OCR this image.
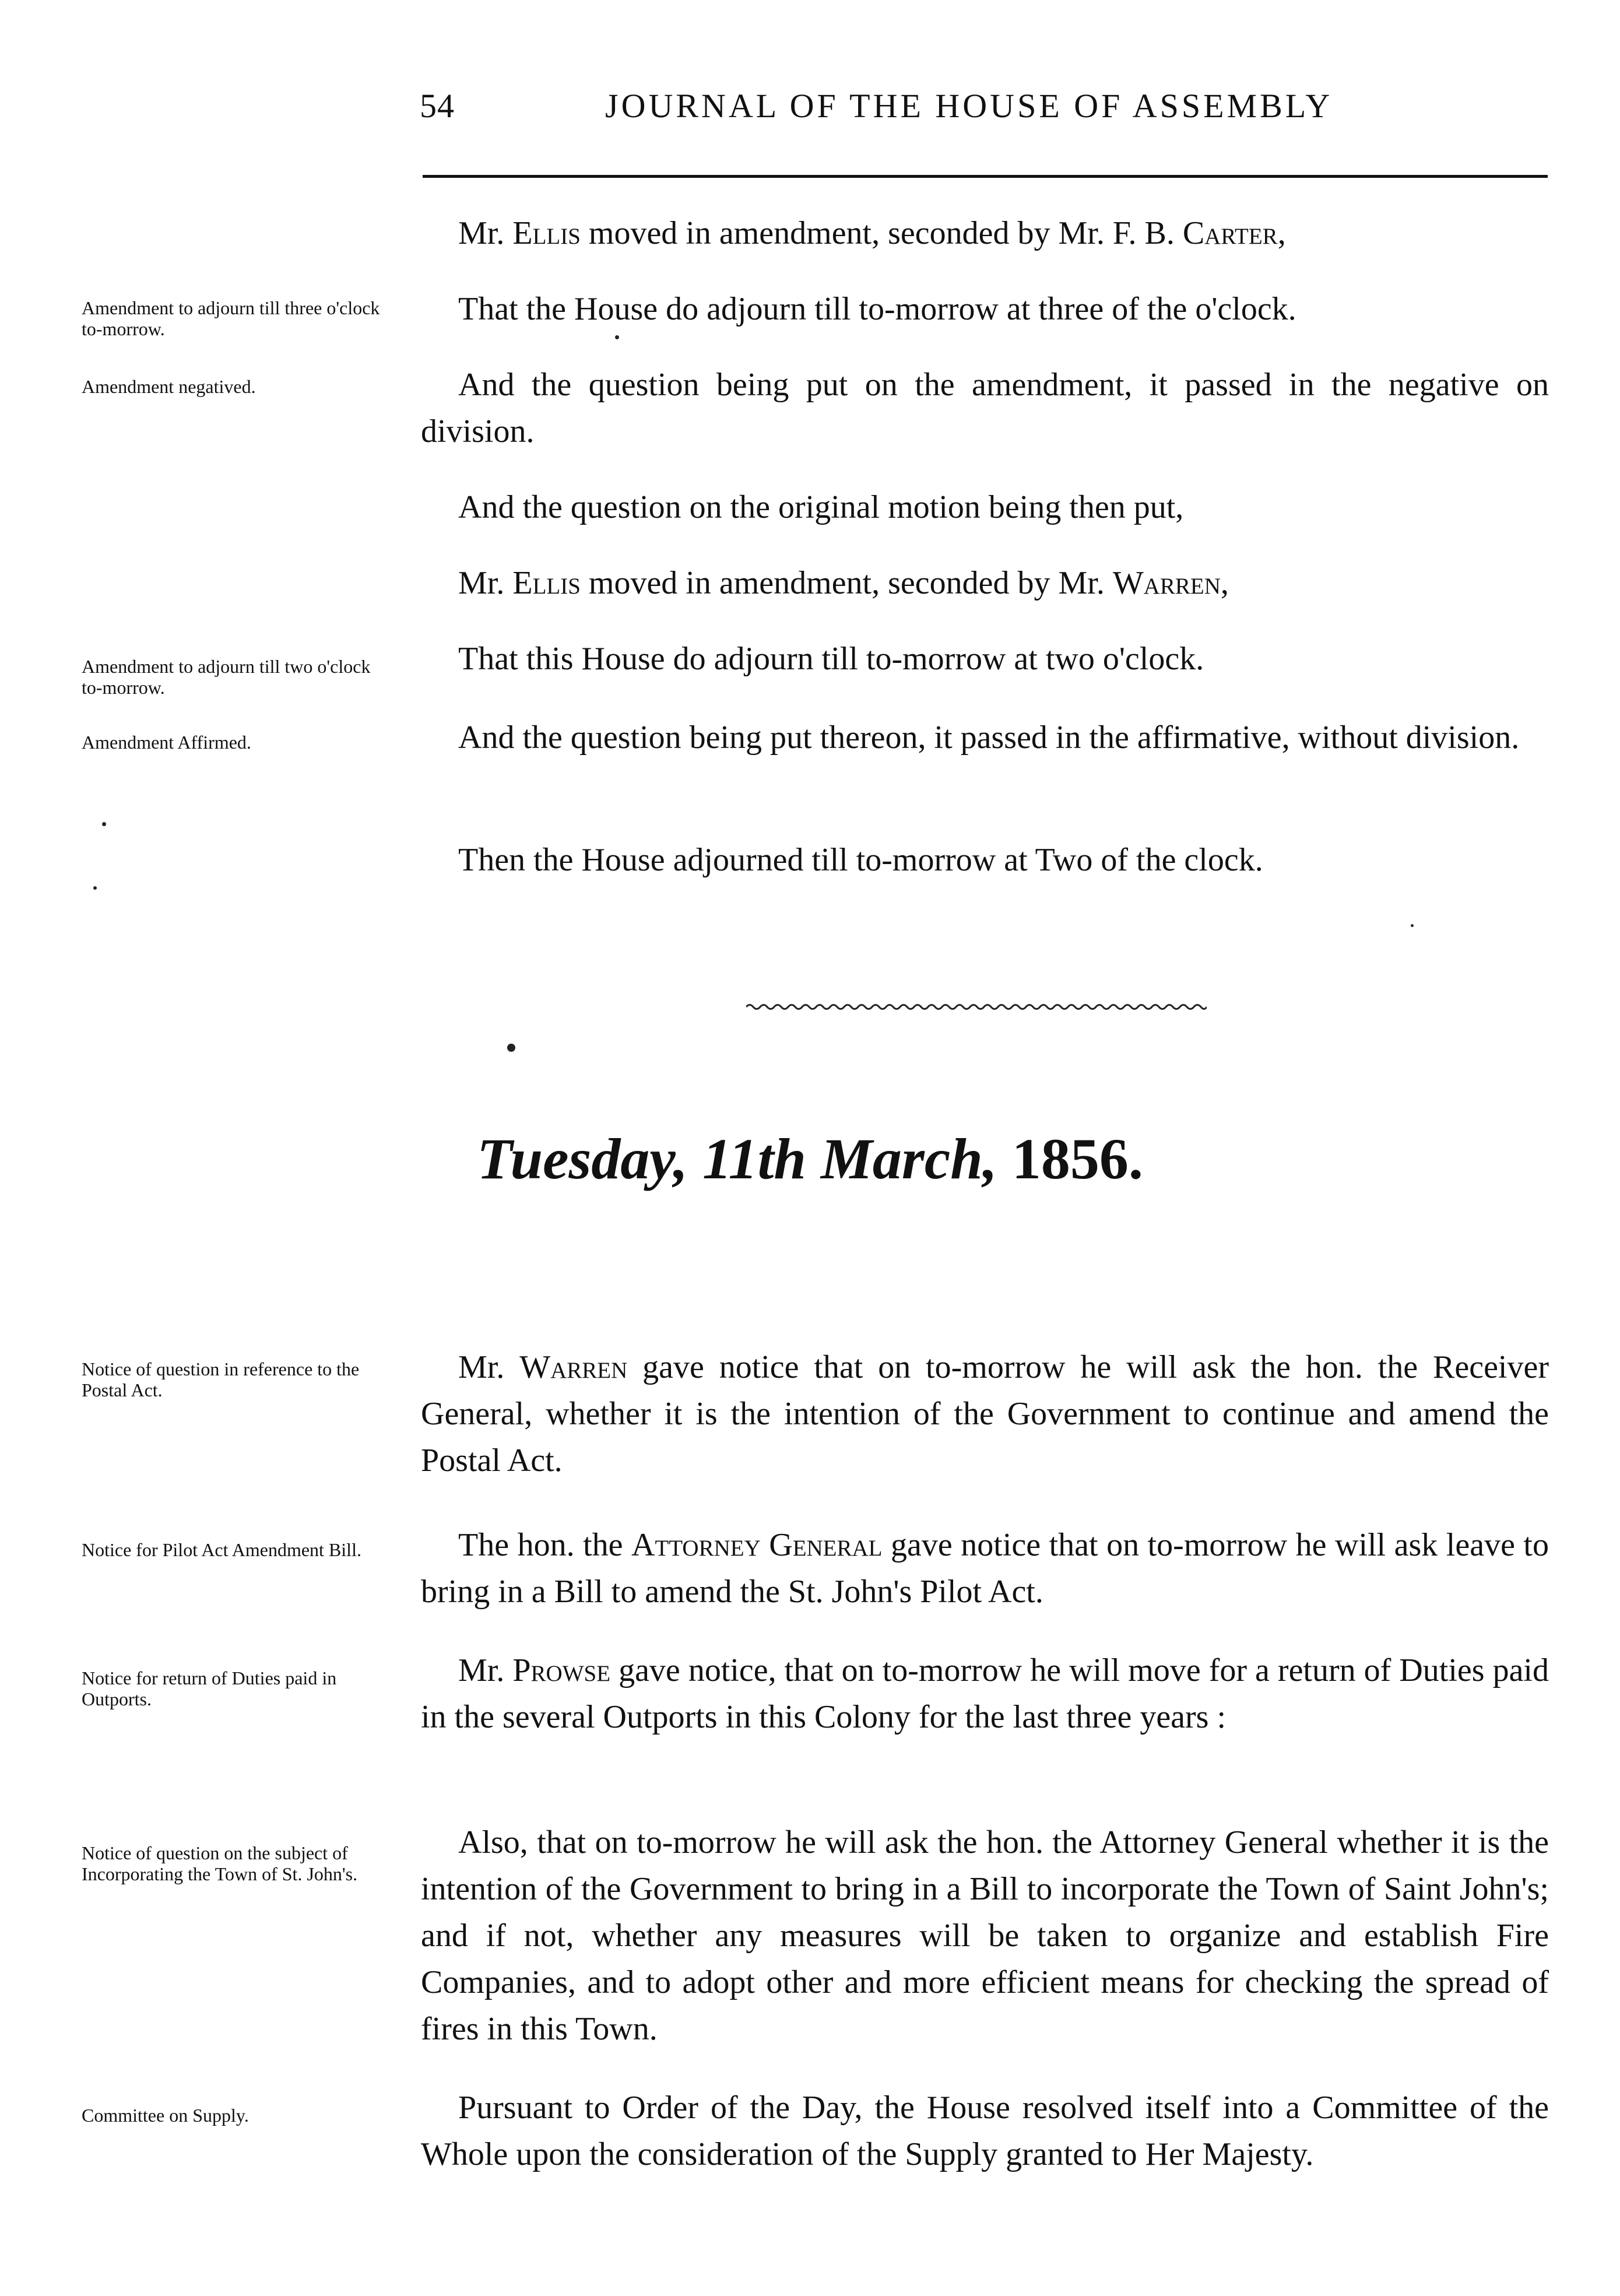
54	JOURNAL OF THE HOUSE OF ASSEMBLY
Amendment to adjourn till three o'clock to-morrow.
Amendment negatived.
Amendment to adjourn till two o'clock to-morrow.
Amendment Affirmed.
Notice of question in reference to the Postal Act.
Notice for Pilot Act Amendment Bill.
Notice for return of Duties paid in Outports.
Notice of question on the subject of Incorporating the Town of St. John's.
Committee on Supply.

Mr. Ellis moved in amendment, seconded by Mr. F. B. Carter,

That the House do adjourn till to-morrow at three of the o'clock.

And the question being put on the amendment, it passed in the negative on division.

And the question on the original motion being then put,

Mr. Ellis moved in amendment, seconded by Mr. Warren,

That this House do adjourn till to-morrow at two o'clock.

And the question being put thereon, it passed in the affirmative, without division.

Then the House adjourned till to-morrow at Two of the clock.

Tuesday, 11th March, 1856.

Mr. Warren gave notice that on to-morrow he will ask the hon. the Receiver General, whether it is the intention of the Government to continue and amend the Postal Act.

The hon. the Attorney General gave notice that on to-morrow he will ask leave to bring in a Bill to amend the St. John's Pilot Act.

Mr. Prowse gave notice, that on to-morrow he will move for a return of Duties paid in the several Outports in this Colony for the last three years :

Also, that on to-morrow he will ask the hon. the Attorney General whether it is the intention of the Government to bring in a Bill to incorporate the Town of Saint John's; and if not, whether any measures will be taken to organize and establish Fire Companies, and to adopt other and more efficient means for checking the spread of fires in this Town.

Pursuant to Order of the Day, the House resolved itself into a Committee of the Whole upon the consideration of the Supply granted to Her Majesty.
